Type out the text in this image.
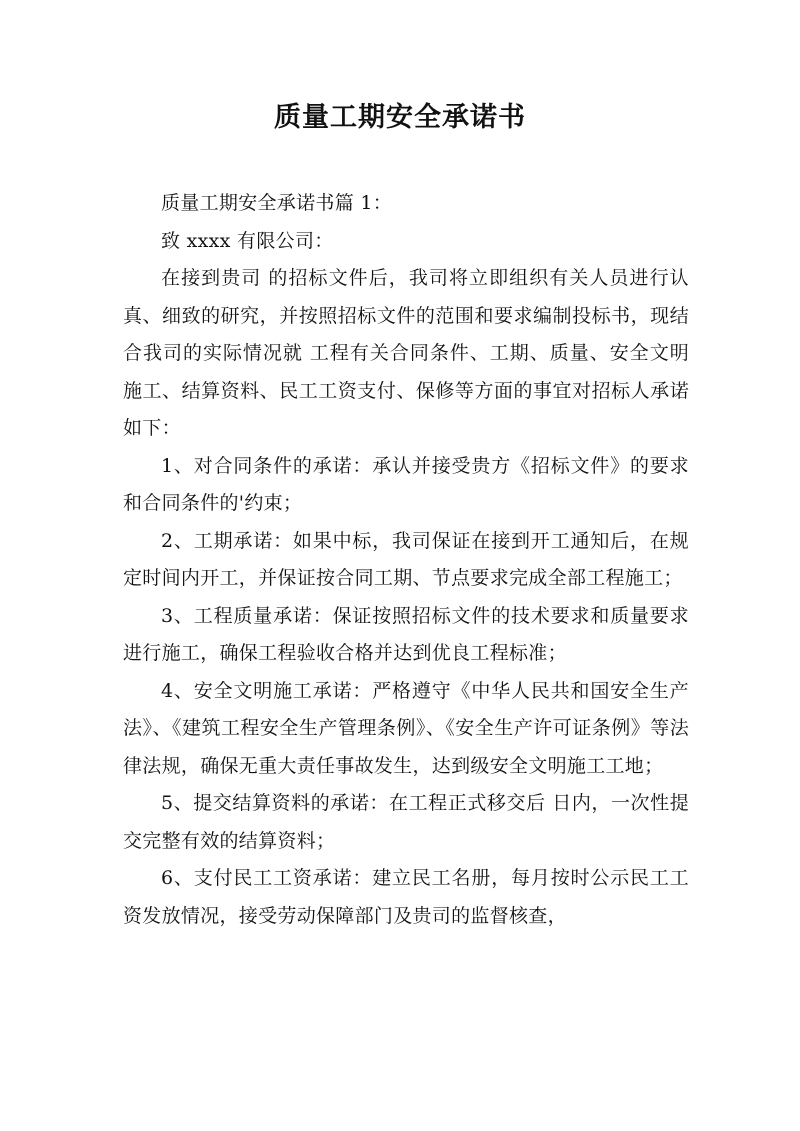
质量工期安全承诺书

质量工期安全承诺书篇 1：

致 xxxx 有限公司：

在接到贵司 的招标文件后，我司将立即组织有关人员进行认真、细致的研究，并按照招标文件的范围和要求编制投标书，现结合我司的实际情况就 工程有关合同条件、工期、质量、安全文明施工、结算资料、民工工资支付、保修等方面的事宜对招标人承诺如下：

1、对合同条件的承诺：承认并接受贵方《招标文件》的要求和合同条件的'约束；

2、工期承诺：如果中标，我司保证在接到开工通知后，在规定时间内开工，并保证按合同工期、节点要求完成全部工程施工；

3、工程质量承诺：保证按照招标文件的技术要求和质量要求进行施工，确保工程验收合格并达到优良工程标准；

4、安全文明施工承诺：严格遵守《中华人民共和国安全生产法》、《建筑工程安全生产管理条例》、《安全生产许可证条例》等法律法规，确保无重大责任事故发生，达到级安全文明施工工地；

5、提交结算资料的承诺：在工程正式移交后 日内，一次性提交完整有效的结算资料；

6、支付民工工资承诺：建立民工名册，每月按时公示民工工资发放情况，接受劳动保障部门及贵司的监督核查，
